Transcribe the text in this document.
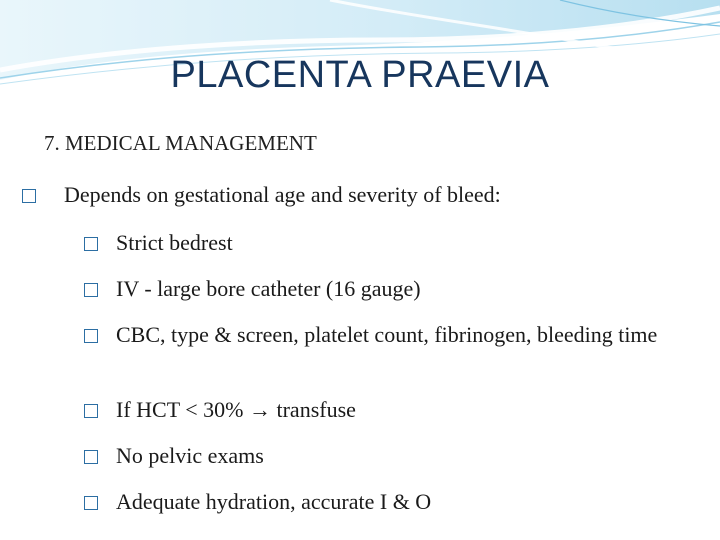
PLACENTA PRAEVIA
7. MEDICAL MANAGEMENT
Depends on gestational age and severity of bleed:
Strict bedrest
IV - large bore catheter (16 gauge)
CBC, type & screen, platelet count, fibrinogen, bleeding time
If HCT < 30% → transfuse
No pelvic exams
Adequate hydration, accurate I & O
